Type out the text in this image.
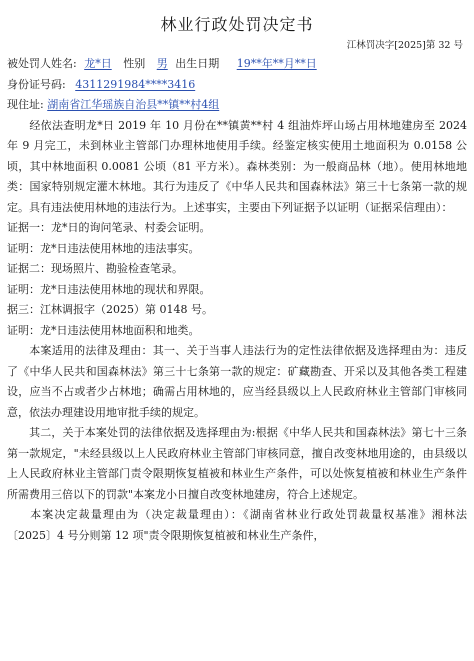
林业行政处罚决定书
江林罚决字[2025]第 32 号
被处罚人姓名: 龙*日 性别 男 出生日期 19**年**月**日
身份证号码: 4311291984****3416
现住址: 湖南省江华瑶族自治县**镇**村4组

经依法查明龙*日 2019 年 10 月份在**镇黄**村 4 组油炸坪山场占用林地建房至 2024 年 9 月完工，未到林业主管部门办理林地使用手续。经鉴定核实使用土地面积为 0.0158 公顷，其中林地面积 0.0081 公顷（81 平方米）。森林类别：为一般商品林（地）。使用林地地类：国家特别规定灌木林地。其行为违反了《中华人民共和国森林法》第三十七条第一款的规定。具有违法使用林地的违法行为。上述事实，主要由下列证据予以证明（证据采信理由）：

证据一：龙*日的询问笔录、村委会证明。
证明：龙*日违法使用林地的违法事实。
证据二：现场照片、勘验检查笔录。
证明：龙*日违法使用林地的现状和界限。
据三：江林调报字（2025）第 0148 号。
证明：龙*日违法使用林地面积和地类。

本案适用的法律及理由：其一、关于当事人违法行为的定性法律依据及选择理由为：违反了《中华人民共和国森林法》第三十七条第一款的规定：矿藏勘查、开采以及其他各类工程建设，应当不占或者少占林地；确需占用林地的，应当经县级以上人民政府林业主管部门审核同意，依法办理建设用地审批手续的规定。

其二，关于本案处罚的法律依据及选择理由为:根据《中华人民共和国森林法》第七十三条第一款规定，"未经县级以上人民政府林业主管部门审核同意，擅自改变林地用途的，由县级以上人民政府林业主管部门责令限期恢复植被和林业生产条件，可以处恢复植被和林业生产条件所需费用三倍以下的罚款"本案龙小日擅自改变林地建房，符合上述规定。

本案决定裁量理由为（决定裁量理由）：《湖南省林业行政处罚裁量权基准》湘林法〔2025〕4 号分则第 12 项"责令限期恢复植被和林业生产条件，
